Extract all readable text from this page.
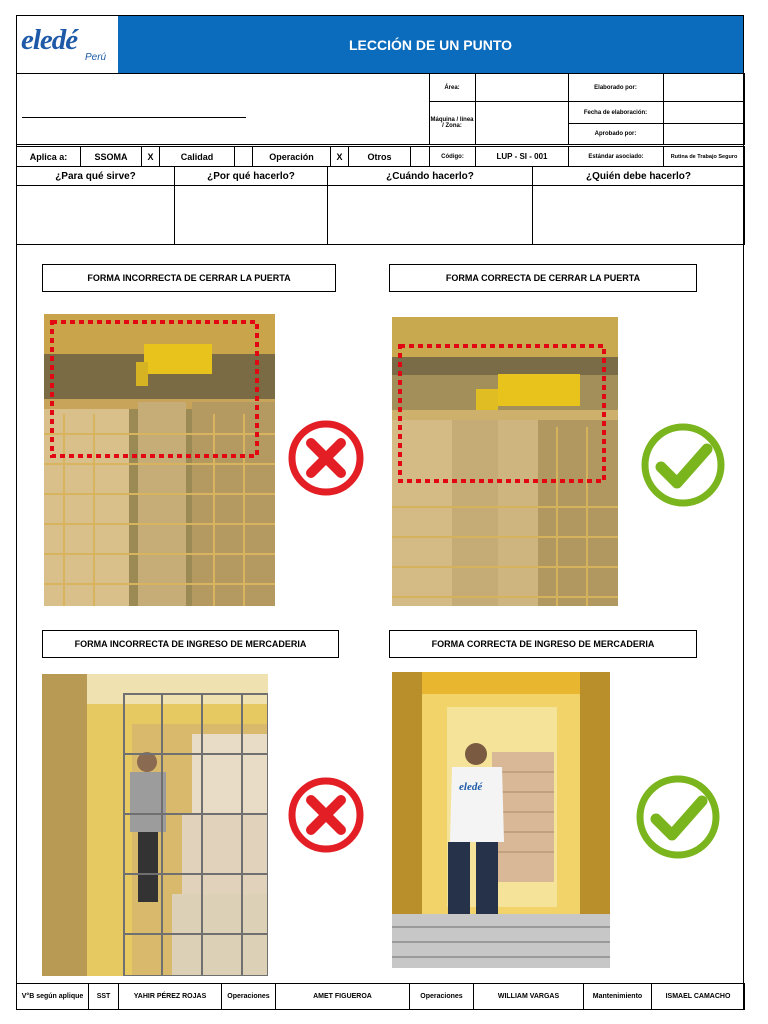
eledé
Perú
LECCIÓN DE UN PUNTO
	Área:		Elaborado por:	
	Máquina / línea / Zona:		Fecha de elaboración:	
			Aprobado por:	
Aplica a:	SSOMA	X	Calidad		Operación	X	Otros		Código:	LUP - SI - 001	Estándar asociado:	Rutina de Trabajo Seguro
¿Para qué sirve?	¿Por qué hacerlo?	¿Cuándo hacerlo?	¿Quién debe hacerlo?

FORMA INCORRECTA DE CERRAR LA PUERTA	FORMA CORRECTA DE CERRAR LA PUERTA
FORMA INCORRECTA DE INGRESO DE MERCADERIA	FORMA CORRECTA DE INGRESO DE MERCADERIA
eledé
V°B según aplique	SST	YAHIR PÉREZ ROJAS	Operaciones	AMET FIGUEROA	Operaciones	WILLIAM VARGAS	Mantenimiento	ISMAEL CAMACHO
